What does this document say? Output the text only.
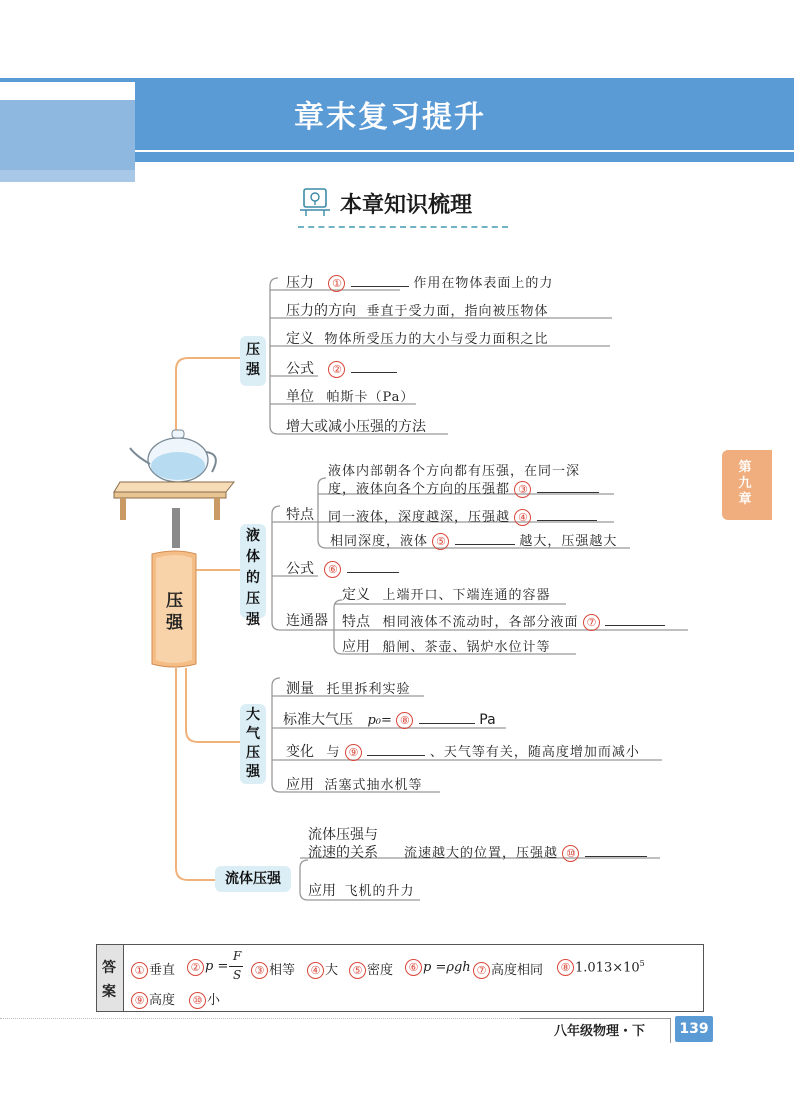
章末复习提升
本章知识梳理
第
九
章
压
强
压
强
液
体
的
压
强
大
气
压
强
流体压强
压力 ①	作用在物体表面上的力
压力的方向 垂直于受力面，指向被压物体
定义 物体所受压力的大小与受力面积之比
公式 ②
单位 帕斯卡（Pa）
增大或减小压强的方法
特点
液体内部朝各个方向都有压强，在同一深
度，液体向各个方向的压强都 ③
同一液体，深度越深，压强越 ④
相同深度，液体 ⑤	越大，压强越大
公式 ⑥
连通器
定义 上端开口、下端连通的容器
特点 相同液体不流动时，各部分液面 ⑦
应用 船闸、茶壶、锅炉水位计等
测量 托里拆利实验
标准大气压 p₀= ⑧	Pa
变化 与 ⑨	、天气等有关，随高度增加而减小
应用 活塞式抽水机等
流体压强与
流速的关系 流速越大的位置，压强越 ⑩
应用 飞机的升力
答
案
① 垂直	② p =
F
S	③ 相等	④ 大	⑤ 密度	⑥ p =ρgh ⑦ 高度相同	⑧ $1.013\times 10^5$
⑨ 高度	⑩ 小
八年级物理・下	139
